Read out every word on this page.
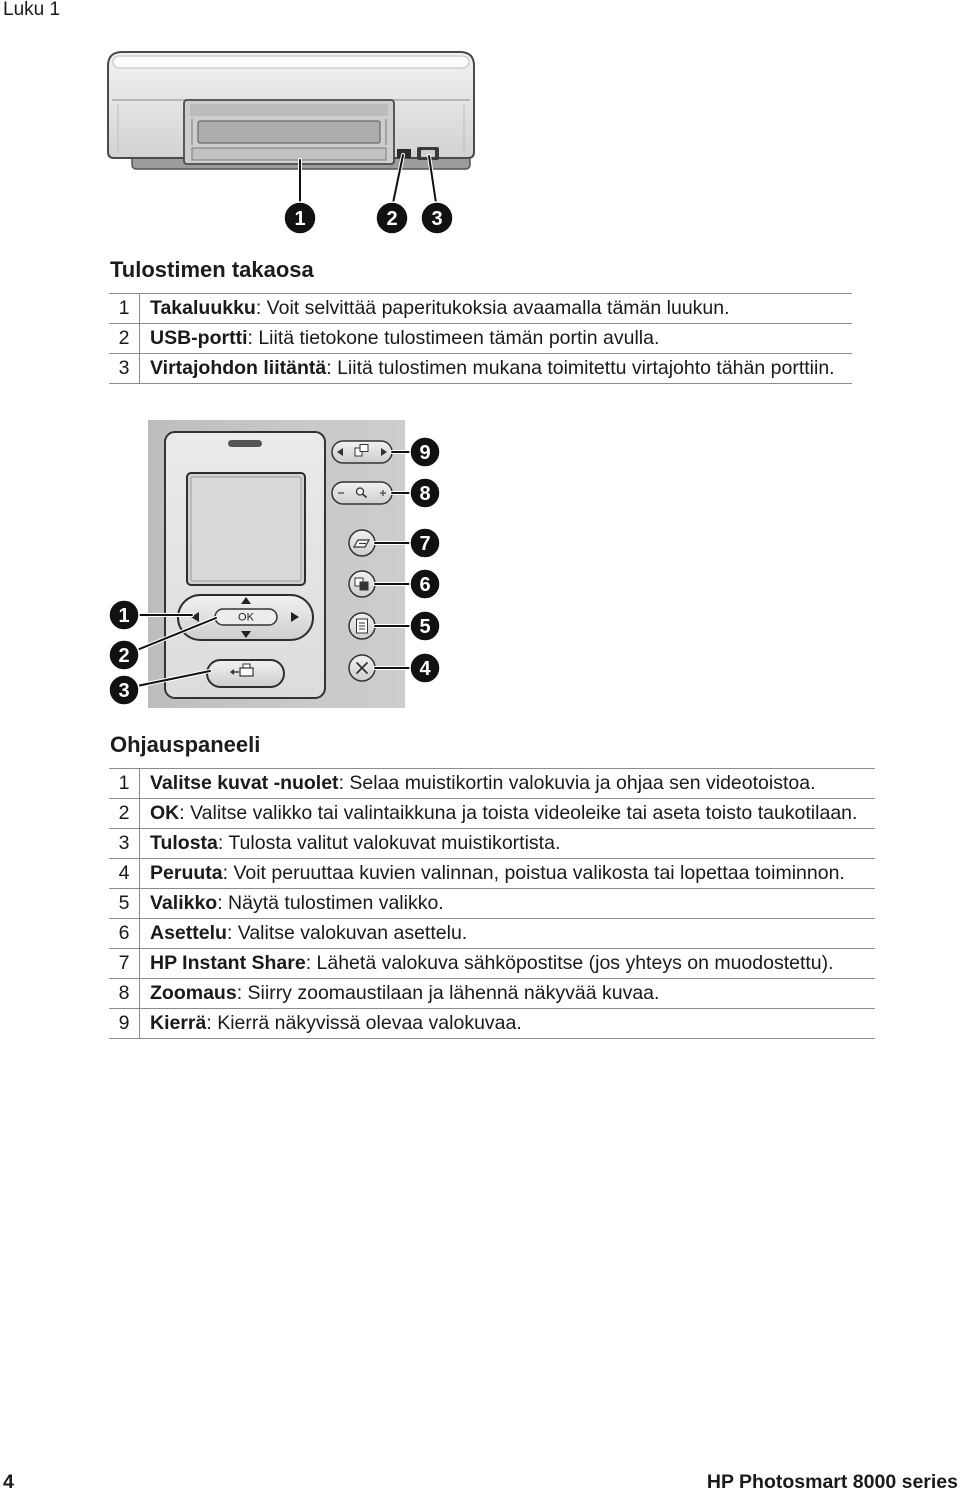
Luku 1
1	2 3
Tulostimen takaosa
1	Takaluukku: Voit selvittää paperitukoksia avaamalla tämän luukun.
2	USB-portti: Liitä tietokone tulostimeen tämän portin avulla.
3	Virtajohdon liitäntä: Liitä tulostimen mukana toimitettu virtajohto tähän porttiin.
OK
1
2
3
4
5
6
7
8
9
Ohjauspaneeli
1	Valitse kuvat -nuolet: Selaa muistikortin valokuvia ja ohjaa sen videotoistoa.
2	OK: Valitse valikko tai valintaikkuna ja toista videoleike tai aseta toisto taukotilaan.
3	Tulosta: Tulosta valitut valokuvat muistikortista.
4	Peruuta: Voit peruuttaa kuvien valinnan, poistua valikosta tai lopettaa toiminnon.
5	Valikko: Näytä tulostimen valikko.
6	Asettelu: Valitse valokuvan asettelu.
7	HP Instant Share: Lähetä valokuva sähköpostitse (jos yhteys on muodostettu).
8	Zoomaus: Siirry zoomaustilaan ja lähennä näkyvää kuvaa.
9	Kierrä: Kierrä näkyvissä olevaa valokuvaa.
4	HP Photosmart 8000 series
